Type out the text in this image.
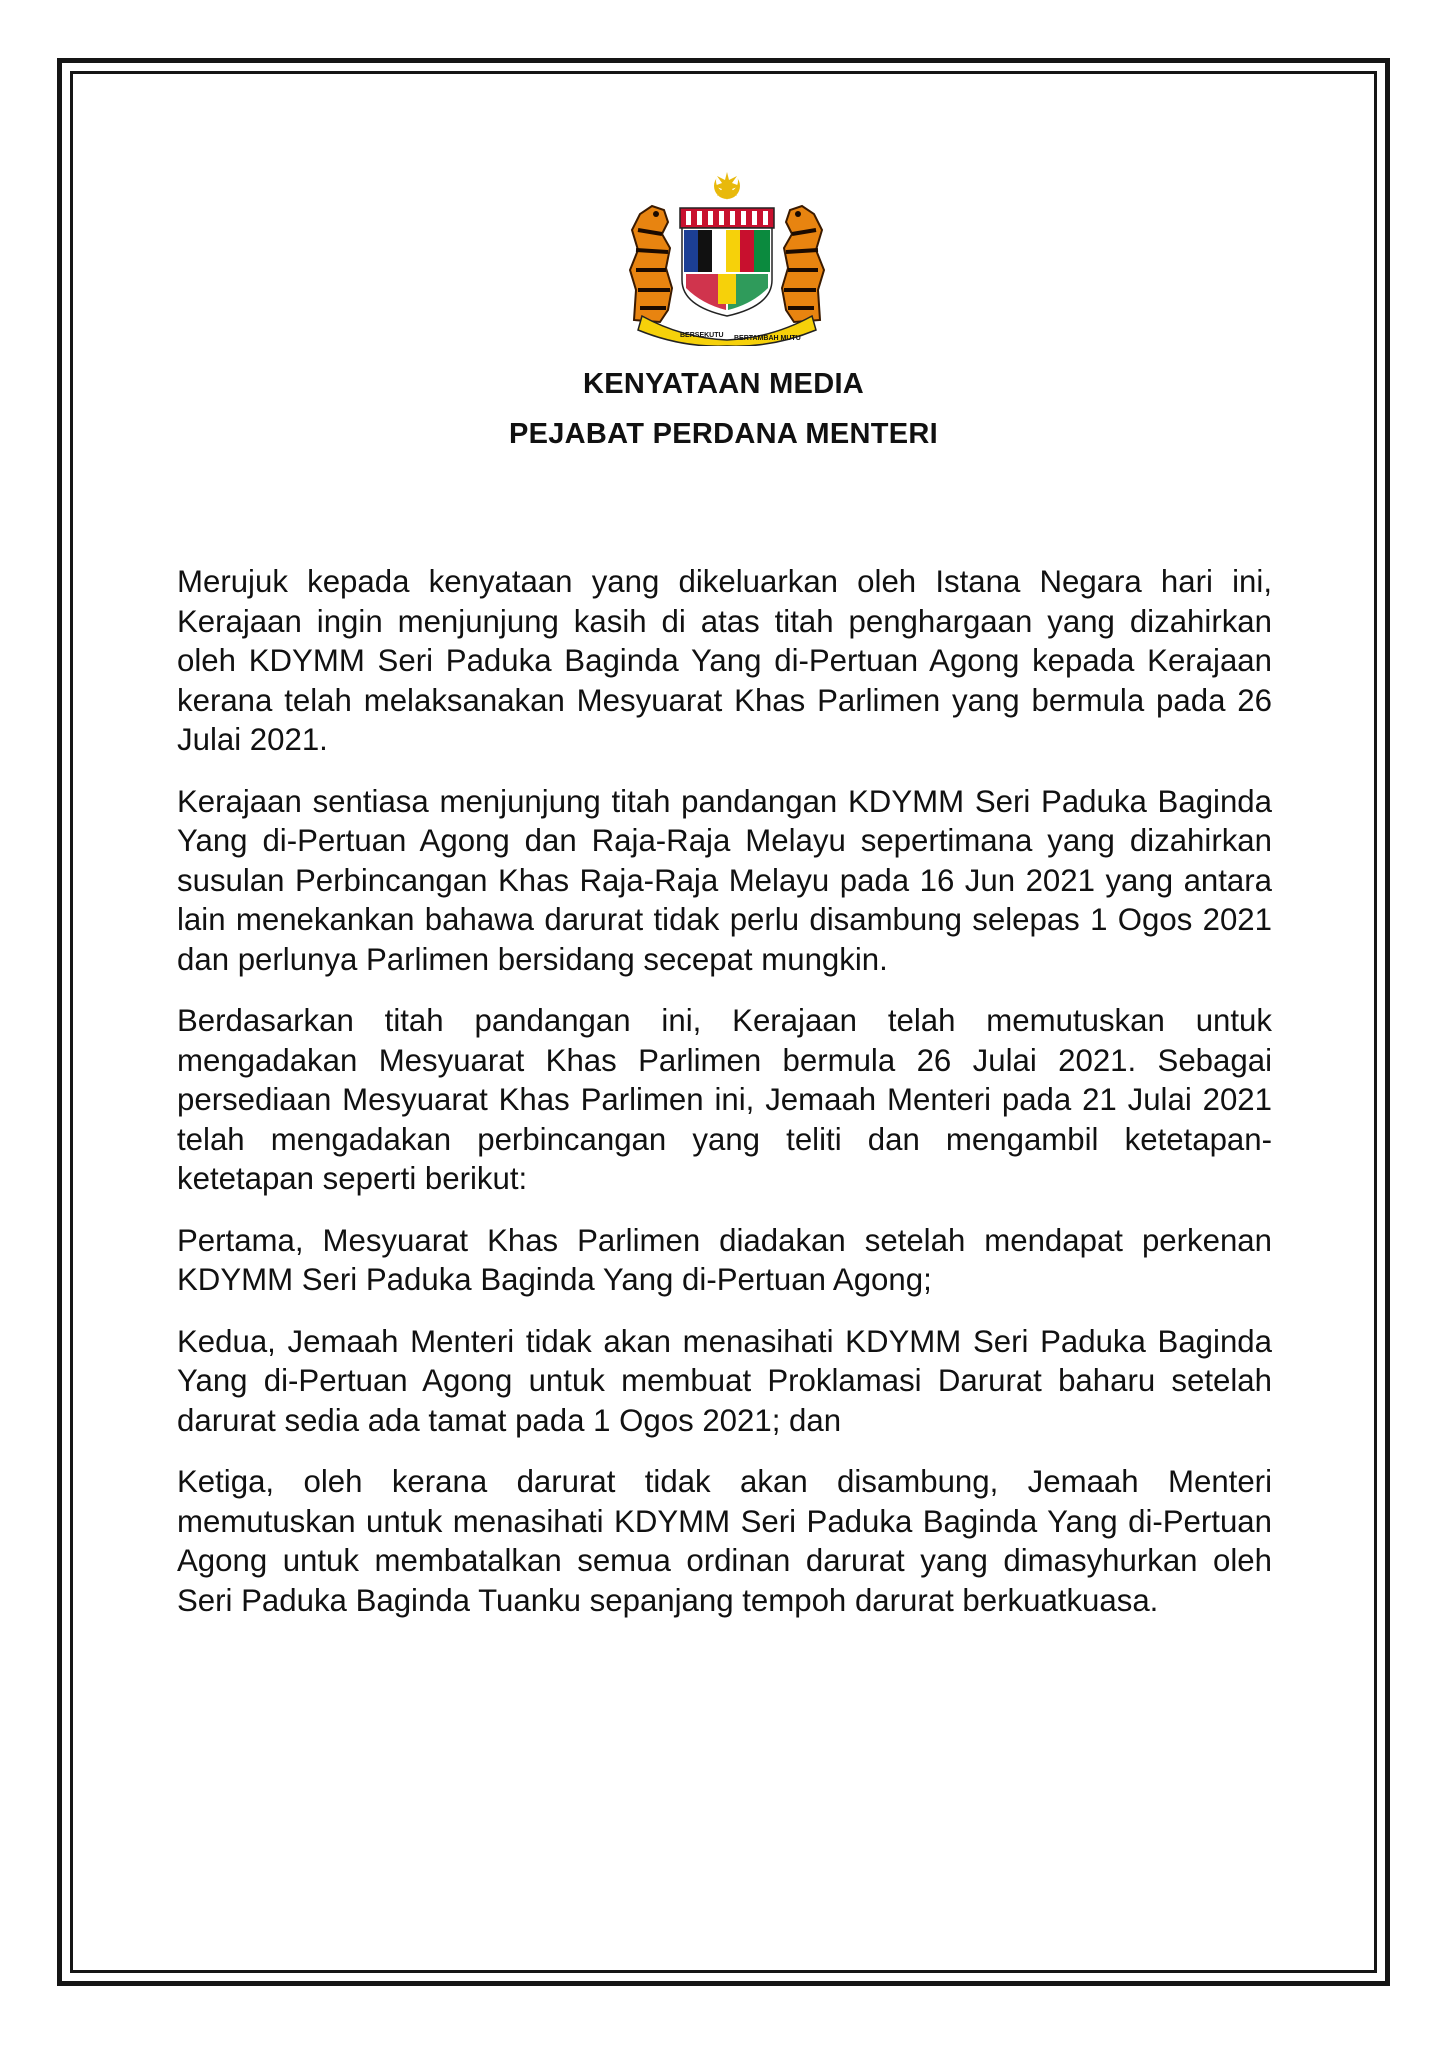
BERSEKUTU BERTAMBAH MUTU
KENYATAAN MEDIA
PEJABAT PERDANA MENTERI

Merujuk kepada kenyataan yang dikeluarkan oleh Istana Negara hari ini, Kerajaan ingin menjunjung kasih di atas titah penghargaan yang dizahirkan oleh KDYMM Seri Paduka Baginda Yang di-Pertuan Agong kepada Kerajaan kerana telah melaksanakan Mesyuarat Khas Parlimen yang bermula pada 26 Julai 2021.

Kerajaan sentiasa menjunjung titah pandangan KDYMM Seri Paduka Baginda Yang di-Pertuan Agong dan Raja-Raja Melayu sepertimana yang dizahirkan susulan Perbincangan Khas Raja-Raja Melayu pada 16 Jun 2021 yang antara lain menekankan bahawa darurat tidak perlu disambung selepas 1 Ogos 2021 dan perlunya Parlimen bersidang secepat mungkin.

Berdasarkan titah pandangan ini, Kerajaan telah memutuskan untuk mengadakan Mesyuarat Khas Parlimen bermula 26 Julai 2021. Sebagai persediaan Mesyuarat Khas Parlimen ini, Jemaah Menteri pada 21 Julai 2021 telah mengadakan perbincangan yang teliti dan mengambil ketetapan-ketetapan seperti berikut:

Pertama, Mesyuarat Khas Parlimen diadakan setelah mendapat perkenan KDYMM Seri Paduka Baginda Yang di-Pertuan Agong;

Kedua, Jemaah Menteri tidak akan menasihati KDYMM Seri Paduka Baginda Yang di-Pertuan Agong untuk membuat Proklamasi Darurat baharu setelah darurat sedia ada tamat pada 1 Ogos 2021; dan

Ketiga, oleh kerana darurat tidak akan disambung, Jemaah Menteri memutuskan untuk menasihati KDYMM Seri Paduka Baginda Yang di-Pertuan Agong untuk membatalkan semua ordinan darurat yang dimasyhurkan oleh Seri Paduka Baginda Tuanku sepanjang tempoh darurat berkuatkuasa.
